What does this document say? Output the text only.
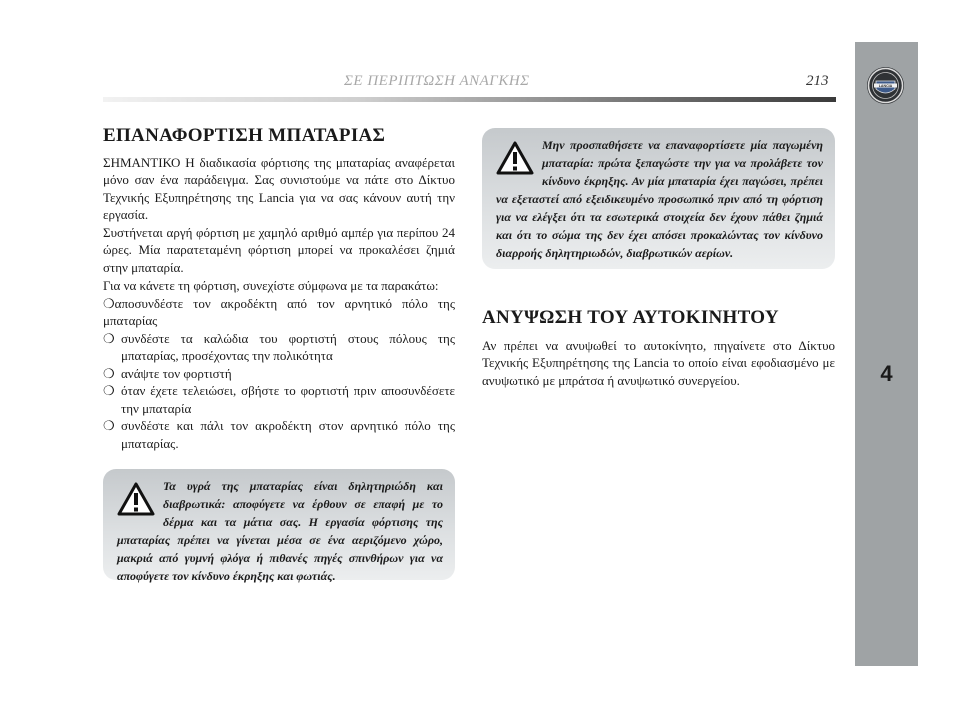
ΣΕ ΠΕΡΙΠΤΩΣΗ ΑΝΑΓΚΗΣ	213	LANCIA
4
ΕΠΑΝΑΦΟΡΤΙΣΗ ΜΠΑΤΑΡΙΑΣ

ΣΗΜΑΝΤΙΚΟ Η διαδικασία φόρτισης της μπαταρίας αναφέρεται μόνο σαν ένα παράδειγμα. Σας συνιστούμε να πάτε στο Δίκτυο Τεχνικής Εξυπηρέτησης της Lancia για να σας κάνουν αυτή την εργασία.

Συστήνεται αργή φόρτιση με χαμηλό αριθμό αμπέρ για περίπου 24 ώρες. Μία παρατεταμένη φόρτιση μπορεί να προκαλέσει ζημιά στην μπαταρία.

Για να κάνετε τη φόρτιση, συνεχίστε σύμφωνα με τα παρακάτω:

❍αποσυνδέστε τον ακροδέκτη από τον αρνητικό πόλο της μπαταρίας
❍ συνδέστε τα καλώδια του φορτιστή στους πόλους της μπαταρίας, προσέχοντας την πολικότητα
❍ ανάψτε τον φορτιστή
❍ όταν έχετε τελειώσει, σβήστε το φορτιστή πριν αποσυνδέσετε την μπαταρία
❍ συνδέστε και πάλι τον ακροδέκτη στον αρνητικό πόλο της μπαταρίας.
Τα υγρά της μπαταρίας είναι δηλητηριώδη και διαβρωτικά: αποφύγετε να έρθουν σε επαφή με το δέρμα και τα μάτια σας. Η εργασία φόρτισης της μπαταρίας πρέπει να γίνεται μέσα σε ένα αεριζόμενο χώρο, μακριά από γυμνή φλόγα ή πιθανές πηγές σπινθήρων για να αποφύγετε τον κίνδυνο έκρηξης και φωτιάς.
Μην προσπαθήσετε να επαναφορτίσετε μία παγωμένη μπαταρία: πρώτα ξεπαγώστε την για να προλάβετε τον κίνδυνο έκρηξης. Αν μία μπαταρία έχει παγώσει, πρέπει να εξεταστεί από εξειδικευμένο προσωπικό πριν από τη φόρτιση για να ελέγξει ότι τα εσωτερικά στοιχεία δεν έχουν πάθει ζημιά και ότι το σώμα της δεν έχει απόσει προκαλώντας τον κίνδυνο διαρροής δηλητηριωδών, διαβρωτικών αερίων.
ΑΝΥΨΩΣΗ ΤΟΥ ΑΥΤΟΚΙΝΗΤΟΥ

Αν πρέπει να ανυψωθεί το αυτοκίνητο, πηγαίνετε στο Δίκτυο Τεχνικής Εξυπηρέτησης της Lancia το οποίο είναι εφοδιασμένο με ανυψωτικό με μπράτσα ή ανυψωτικό συνεργείου.
